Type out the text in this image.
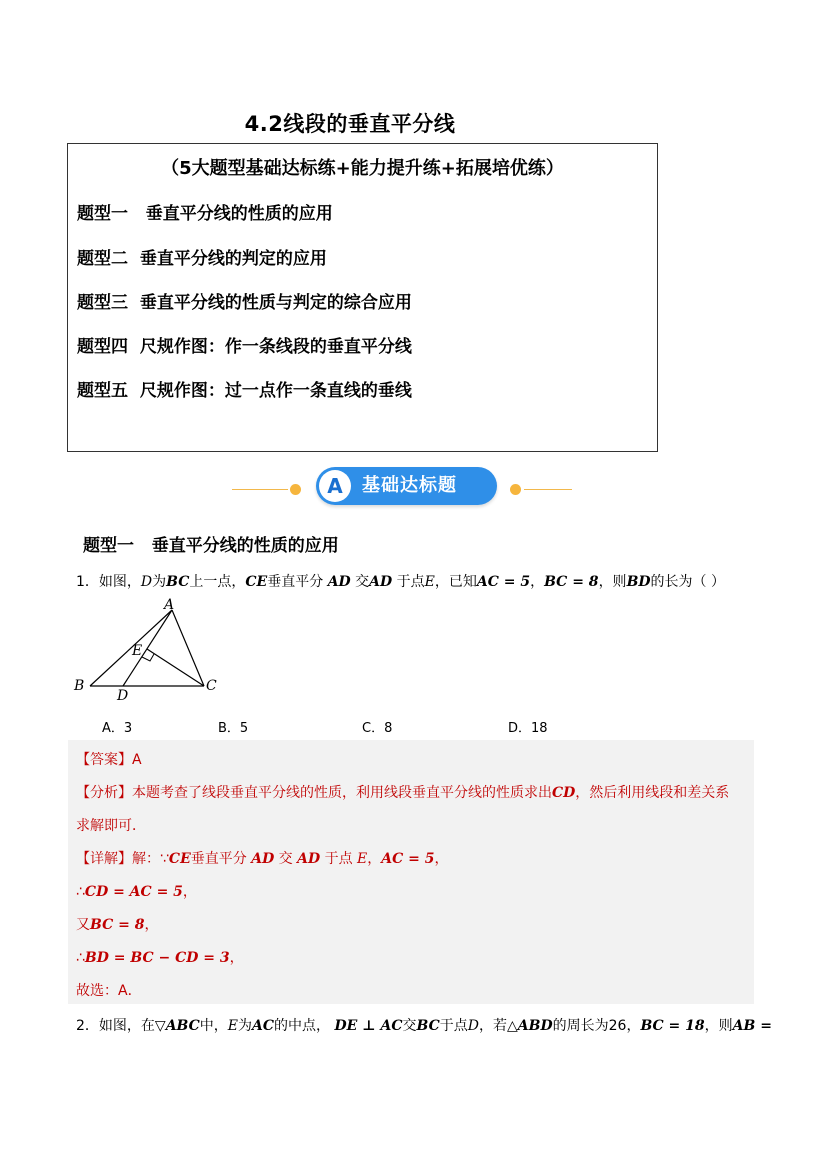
4.2线段的垂直平分线
（5大题型基础达标练+能力提升练+拓展培优练）
题型一   垂直平分线的性质的应用
题型二  垂直平分线的判定的应用
题型三  垂直平分线的性质与判定的综合应用
题型四  尺规作图：作一条线段的垂直平分线
题型五  尺规作图：过一点作一条直线的垂线
A	基础达标题
题型一   垂直平分线的性质的应用
1．如图，D为BC上一点，CE垂直平分 AD 交AD 于点E，已知AC = 5，BC = 8，则BD的长为（ ）
A
B	C
D
E
A．3	B．5	C．8	D．18
【答案】A
【分析】本题考查了线段垂直平分线的性质，利用线段垂直平分线的性质求出CD，然后利用线段和差关系
求解即可．
【详解】解：∵CE垂直平分 AD 交 AD 于点 E，AC = 5，
∴CD = AC = 5，
又BC = 8，
∴BD = BC − CD = 3，
故选：A．
2．如图，在▽ABC中，E为AC的中点， DE ⊥ AC交BC于点D，若△ABD的周长为26，BC = 18，则AB =
